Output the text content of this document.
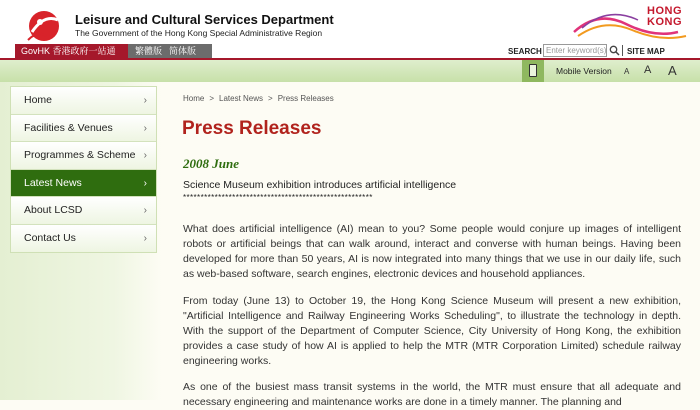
Leisure and Cultural Services Department
The Government of the Hong Kong Special Administrative Region
HONG
KONG
GovHK 香港政府一站通	繁體版 简体版	SEARCH
Enter keyword(s)	SITE MAP
Mobile Version A A A
Home	›
Facilities & Venues	›
Programmes & Scheme ›
Latest News	›
About LCSD	›
Contact Us	›
Home > Latest News > Press Releases
Press Releases
2008 June
Science Museum exhibition introduces artificial intelligence
******************************************************

What does artificial intelligence (AI) mean to you? Some people would conjure up images of intelligent robots or artificial beings that can walk around, interact and converse with human beings. Having been developed for more than 50 years, AI is now integrated into many things that we use in our daily life, such as web-based software, search engines, electronic devices and household appliances.

From today (June 13) to October 19, the Hong Kong Science Museum will present a new exhibition, "Artificial Intelligence and Railway Engineering Works Scheduling", to illustrate the technology in depth. With the support of the Department of Computer Science, City University of Hong Kong, the exhibition provides a case study of how AI is applied to help the MTR (MTR Corporation Limited) schedule railway engineering works.

As one of the busiest mass transit systems in the world, the MTR must ensure that all adequate and necessary engineering and maintenance works are done in a timely manner. The planning and
